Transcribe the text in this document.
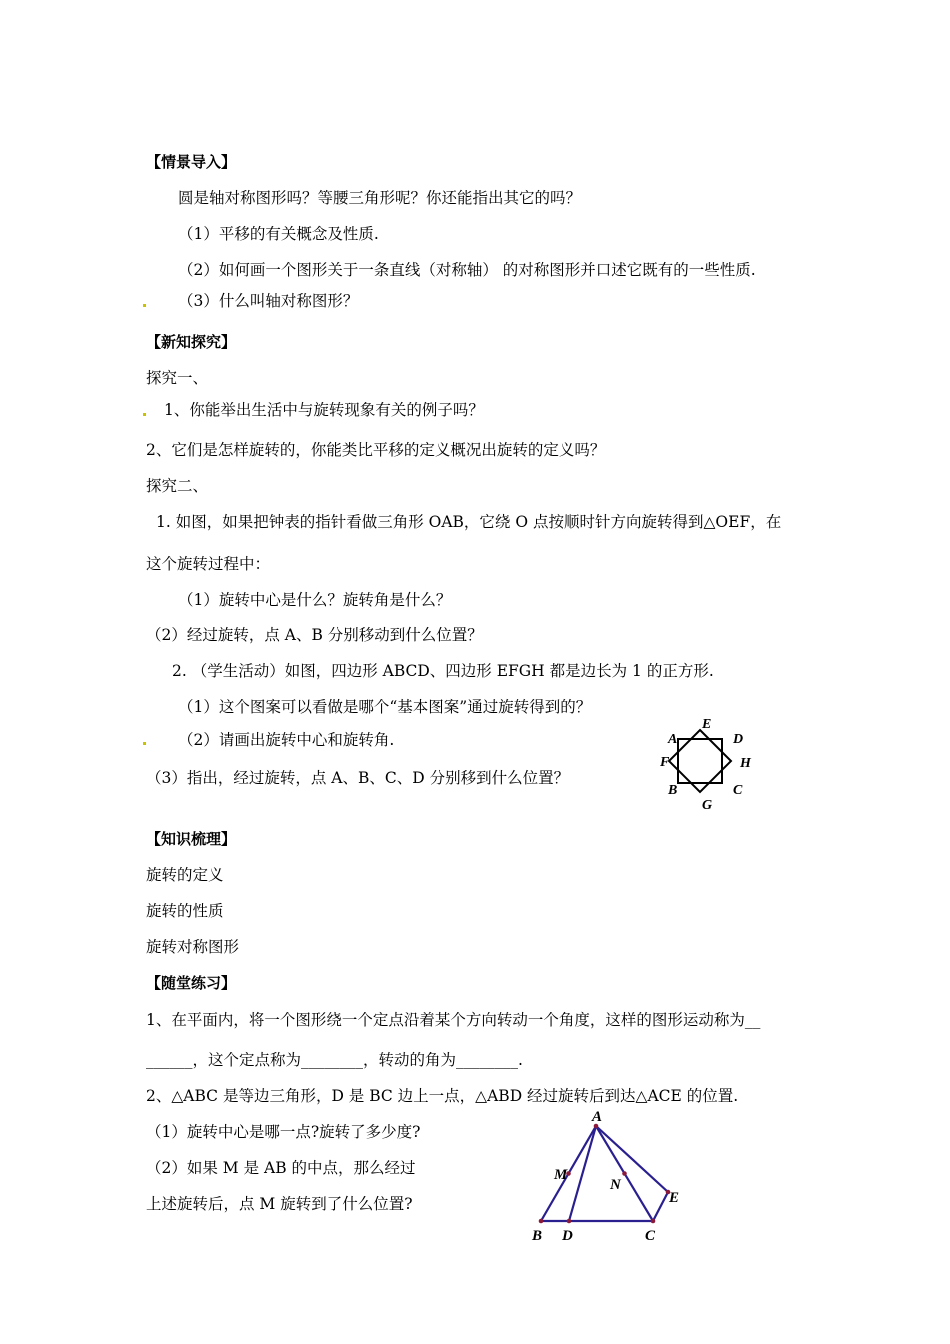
【情景导入】
圆是轴对称图形吗？等腰三角形呢？你还能指出其它的吗？
（1）平移的有关概念及性质.
（2）如何画一个图形关于一条直线（对称轴） 的对称图形并口述它既有的一些性质.
（3）什么叫轴对称图形？
【新知探究】
探究一、
1、你能举出生活中与旋转现象有关的例子吗？
2、它们是怎样旋转的，你能类比平移的定义概况出旋转的定义吗？
探究二、
1. 如图，如果把钟表的指针看做三角形 OAB，它绕 O 点按顺时针方向旋转得到△OEF，在
这个旋转过程中：
（1）旋转中心是什么？旋转角是什么？
（2）经过旋转，点 A、B 分别移动到什么位置？
2. （学生活动）如图，四边形 ABCD、四边形 EFGH 都是边长为 1 的正方形.
（1）这个图案可以看做是哪个“基本图案”通过旋转得到的？
（2）请画出旋转中心和旋转角.
（3）指出，经过旋转，点 A、B、C、D 分别移到什么位置？
A
E
D
F	H
B	C
G
【知识梳理】
旋转的定义
旋转的性质
旋转对称图形
【随堂练习】
1、在平面内，将一个图形绕一个定点沿着某个方向转动一个角度，这样的图形运动称为__
______，这个定点称为________，转动的角为________.
2、△ABC 是等边三角形，D 是 BC 边上一点，△ABD 经过旋转后到达△ACE 的位置.
（1）旋转中心是哪一点?旋转了多少度?
（2）如果 M 是 AB 的中点，那么经过
上述旋转后，点 M 旋转到了什么位置?
A
M
N
E
B D	C
